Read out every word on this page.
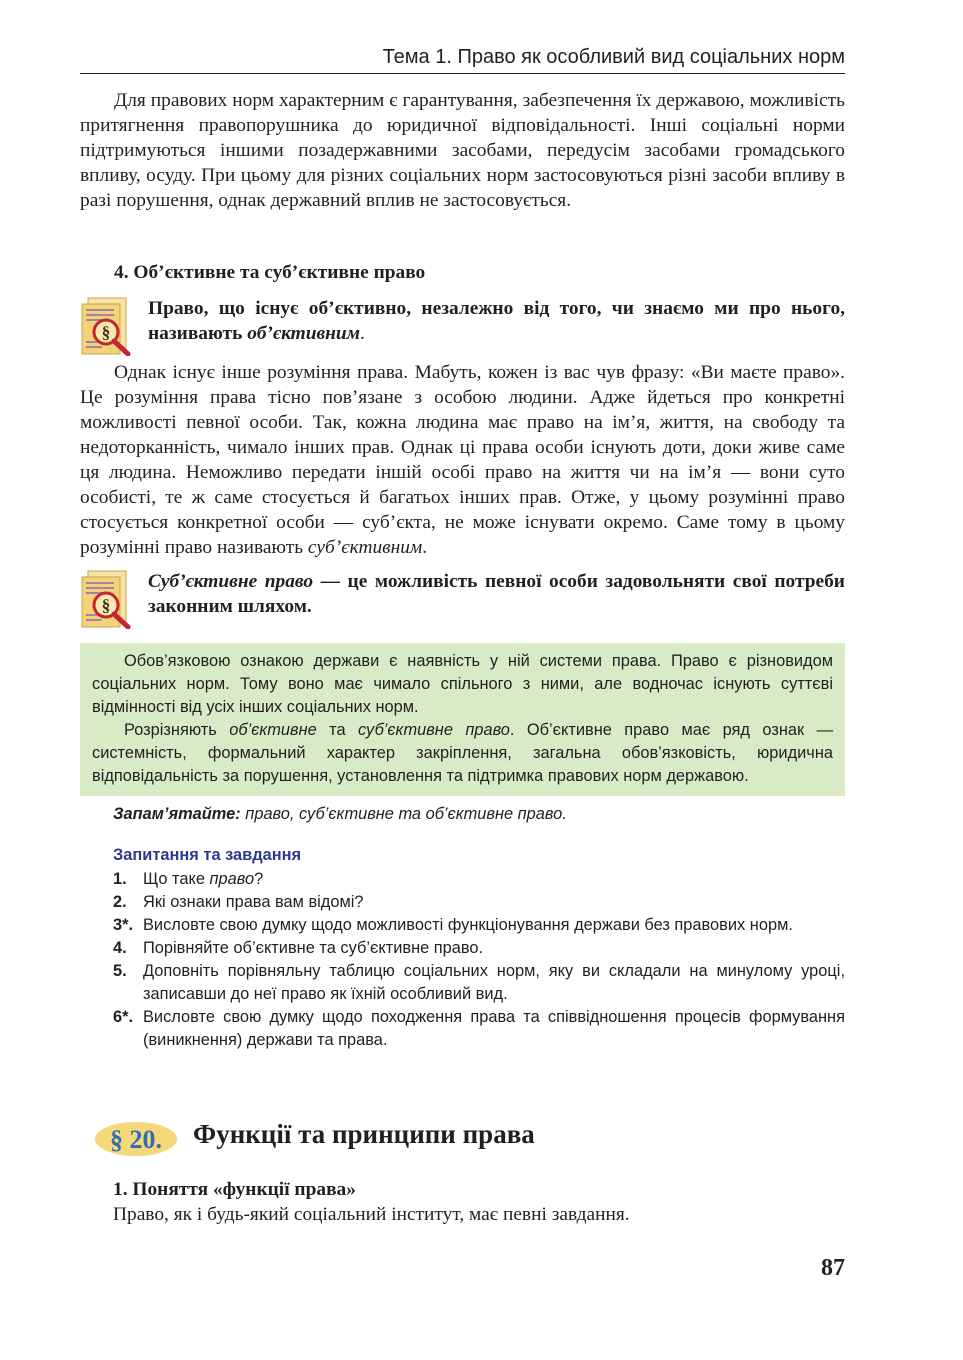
Тема 1. Право як особливий вид соціальних норм

Для правових норм характерним є гарантування, забезпечення їх державою, можливість притягнення правопорушника до юридичної відповідальності. Інші соціальні норми підтримуються іншими позадержавними засобами, передусім засобами громадського впливу, осуду. При цьому для різних соціальних норм застосовуються різні засоби впливу в разі порушення, однак державний вплив не застосовується.

4. Об’єктивне та суб’єктивне право
§
Право, що існує об’єктивно, незалежно від того, чи знаємо ми про нього, називають об’єктивним.

Однак існує інше розуміння права. Мабуть, кожен із вас чув фразу: «Ви маєте право». Це розуміння права тісно пов’язане з особою людини. Адже йдеться про конкретні можливості певної особи. Так, кожна людина має право на ім’я, життя, на свободу та недоторканність, чимало інших прав. Однак ці права особи існують доти, доки живе саме ця людина. Неможливо передати іншій особі право на життя чи на ім’я — вони суто особисті, те ж саме стосується й багатьох інших прав. Отже, у цьому розумінні право стосується конкретної особи — суб’єкта, не може існувати окремо. Саме тому в цьому розумінні право називають суб’єктивним.

§
Суб’єктивне право — це можливість певної особи задовольняти свої потреби законним шляхом.

Обов’язковою ознакою держави є наявність у ній системи права. Право є різновидом соціальних норм. Тому воно має чимало спільного з ними, але водночас існують суттєві відмінності від усіх інших соціальних норм.

Розрізняють об’єктивне та суб’єктивне право. Об’єктивне право має ряд ознак — системність, формальний характер закріплення, загальна обов’язковість, юридична відповідальність за порушення, установлення та підтримка правових норм державою.

Запам’ятайте: право, суб’єктивне та об’єктивне право.
Запитання та завдання
1. Що таке право?
2. Які ознаки права вам відомі?
3*. Висловте свою думку щодо можливості функціонування держави без правових норм.
4. Порівняйте об’єктивне та суб’єктивне право.
5. Доповніть порівняльну таблицю соціальних норм, яку ви складали на минулому уроці, записавши до неї право як їхній особливий вид.
6*. Висловте свою думку щодо походження права та співвідношення процесів формування (виникнення) держави та права.
§ 20. Функції та принципи права
1. Поняття «функції права»
Право, як і будь-який соціальний інститут, має певні завдання.
87
